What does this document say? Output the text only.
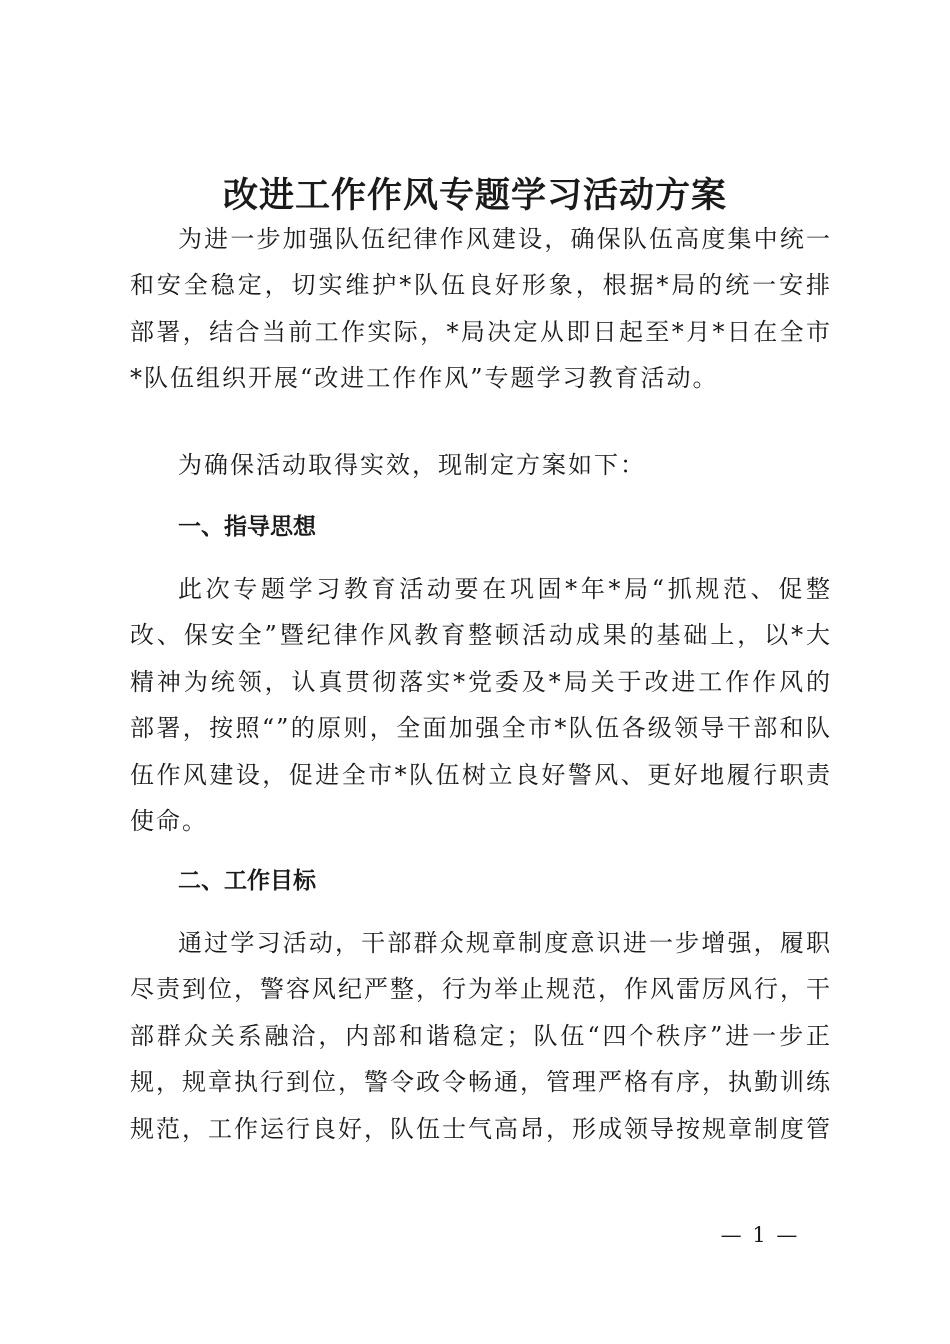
改进工作作风专题学习活动方案
为进一步加强队伍纪律作风建设，确保队伍高度集中统一和安全稳定，切实维护*队伍良好形象，根据*局的统一安排部署，结合当前工作实际，*局决定从即日起至*月*日在全市*队伍组织开展“改进工作作风”专题学习教育活动。
为确保活动取得实效，现制定方案如下：
一、指导思想
此次专题学习教育活动要在巩固*年*局“抓规范、促整改、保安全”暨纪律作风教育整顿活动成果的基础上，以*大精神为统领，认真贯彻落实*党委及*局关于改进工作作风的部署，按照“”的原则，全面加强全市*队伍各级领导干部和队伍作风建设，促进全市*队伍树立良好警风、更好地履行职责使命。
二、工作目标
通过学习活动，干部群众规章制度意识进一步增强，履职尽责到位，警容风纪严整，行为举止规范，作风雷厉风行，干部群众关系融洽，内部和谐稳定；队伍“四个秩序”进一步正规，规章执行到位，警令政令畅通，管理严格有序，执勤训练规范，工作运行良好，队伍士气高昂，形成领导按规章制度管
— 1 —
